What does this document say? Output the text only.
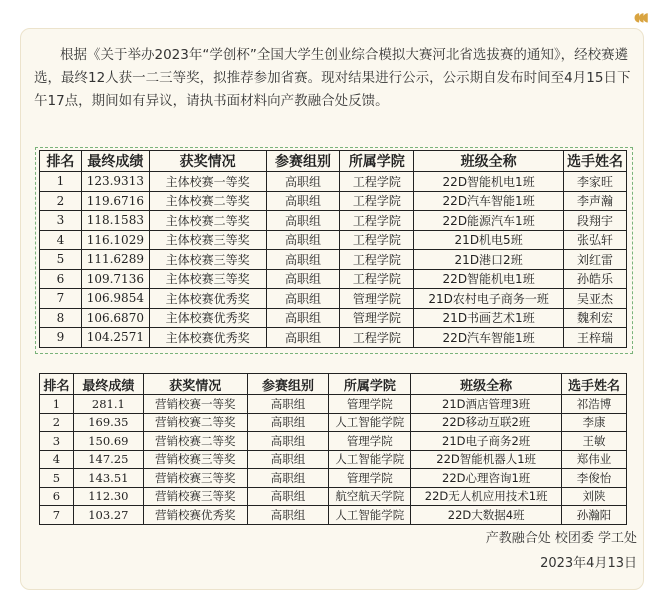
◖◖◖

根据《关于举办2023年“学创杯”全国大学生创业综合模拟大赛河北省选拔赛的通知》，经校赛遴选，最终12人获一二三等奖，拟推荐参加省赛。现对结果进行公示，公示期自发布时间至4月15日下午17点，期间如有异议，请执书面材料向产教融合处反馈。

排名	最终成绩	获奖情况	参赛组别	所属学院	班级全称	选手姓名
1	123.9313	主体校赛一等奖	高职组	工程学院	22D智能机电1班	李家旺
2	119.6716	主体校赛二等奖	高职组	工程学院	22D汽车智能1班	李声瀚
3	118.1583	主体校赛二等奖	高职组	工程学院	22D能源汽车1班	段翔宇
4	116.1029	主体校赛三等奖	高职组	工程学院	21D机电5班	张弘轩
5	111.6289	主体校赛三等奖	高职组	工程学院	21D港口2班	刘红雷
6	109.7136	主体校赛三等奖	高职组	工程学院	22D智能机电1班	孙皓乐
7	106.9854	主体校赛优秀奖	高职组	管理学院	21D农村电子商务一班	吴亚杰
8	106.6870	主体校赛优秀奖	高职组	管理学院	21D书画艺术1班	魏利宏
9	104.2571	主体校赛优秀奖	高职组	工程学院	22D汽车智能1班	王梓瑞
排名	最终成绩	获奖情况	参赛组别	所属学院	班级全称	选手姓名
1	281.1	营销校赛一等奖	高职组	管理学院	21D酒店管理3班	祁浩博
2	169.35	营销校赛二等奖	高职组	人工智能学院	22D移动互联2班	李康
3	150.69	营销校赛二等奖	高职组	管理学院	21D电子商务2班	王敏
4	147.25	营销校赛三等奖	高职组	人工智能学院	22D智能机器人1班	郑伟业
5	143.51	营销校赛三等奖	高职组	管理学院	22D心理咨询1班	李俊怡
6	112.30	营销校赛三等奖	高职组	航空航天学院	22D无人机应用技术1班	刘陕
7	103.27	营销校赛优秀奖	高职组	人工智能学院	22D大数据4班	孙瀚阳
产教融合处 校团委 学工处
2023年4月13日
